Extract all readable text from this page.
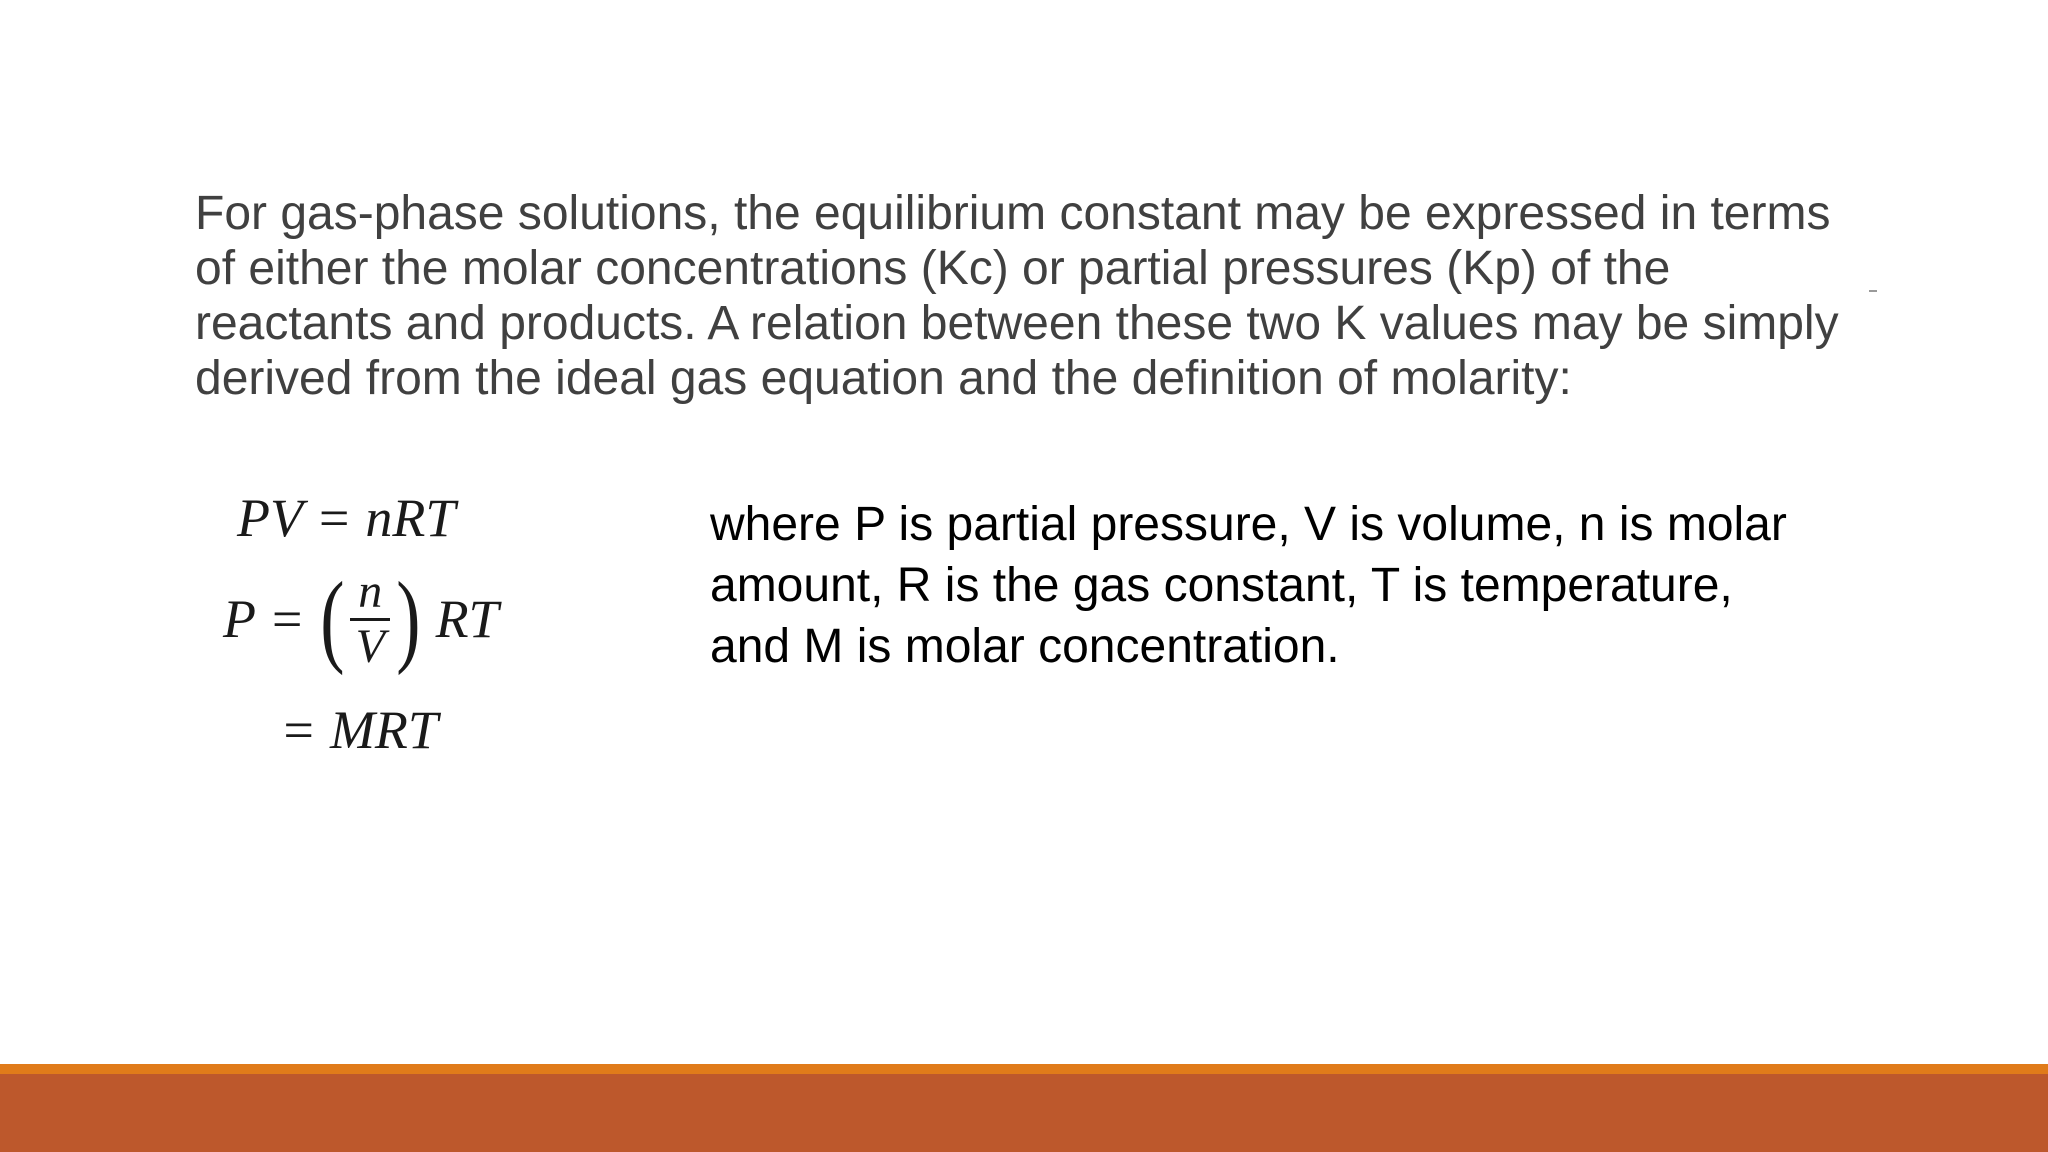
For gas-phase solutions, the equilibrium constant may be expressed in terms of either the molar concentrations (Kc) or partial pressures (Kp) of the reactants and products. A relation between these two K values may be simply derived from the ideal gas equation and the definition of molarity:

PV = nRT
P = ( $\frac{n}{V}$ ) RT
= MRT

where P is partial pressure, V is volume, n is molar amount, R is the gas constant, T is temperature, and M is molar concentration.
